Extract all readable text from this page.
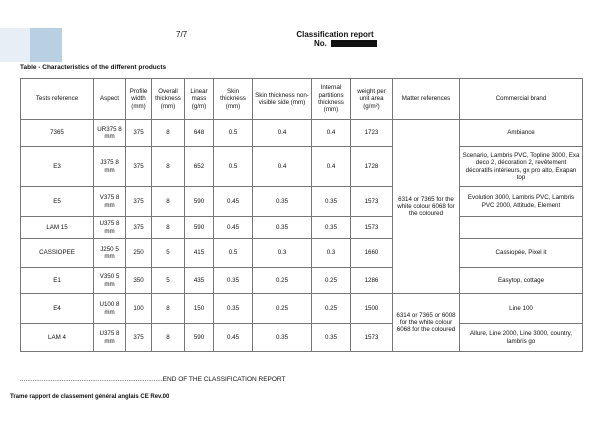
7/7	Classification report
No.
Table - Characteristics of the different products
Tests reference	Aspect	Profile width (mm)	Overall thickness (mm)	Linear mass (g/m)	Skin thickness (mm)	Skin thickness non-visible side (mm)	Internal partitions thickness (mm)	weight per unit area (g/m²)	Matter references	Commercial brand
7365	UR375 8 mm	375	8	648	0.5	0.4	0.4	1723	6314 or 7365 for the white colour 6068 for the coloured	Ambiance
E3	J375 8 mm	375	8	652	0.5	0.4	0.4	1728		Scenario, Lambris PVC, Topline 3000, Exa deco 2, décoration 2, revêtement décoratifs intérieurs, gx pro alto, Exapan top
E5	V375 8 mm	375	8	590	0.45	0.35	0.35	1573		Evolution 3000, Lambris PVC, Lambris PVC 2000, Attitude, Element
LAM 15	U375 8 mm	375	8	590	0.45	0.35	0.35	1573		
CASSIOPEE	J250 5 mm	250	5	415	0.5	0.3	0.3	1660		Cassiopée, Pixel it
E1	V350 5 mm	350	5	435	0.35	0.25	0.25	1286		Easytop, cottage
E4	U100 8 mm	100	8	150	0.35	0.25	0.25	1500	6314 or 7365 or 6008 for the white colour 6068 for the coloured	Line 100
LAM 4	U375 8 mm	375	8	590	0.45	0.35	0.35	1573		Allure, Line 2000, Line 3000, country, lambris go
...............................................................................END OF THE CLASSIFICATION REPORT
Trame rapport de classement général anglais CE Rev.00
